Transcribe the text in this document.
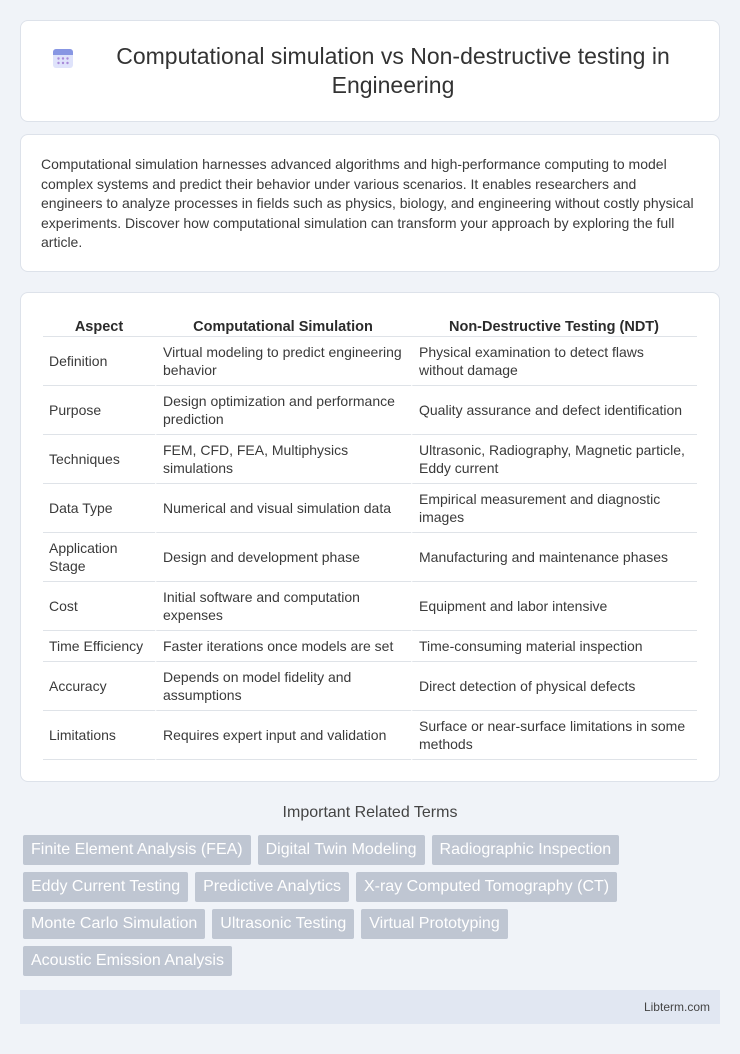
Computational simulation vs Non-destructive testing in Engineering

Computational simulation harnesses advanced algorithms and high-performance computing to model complex systems and predict their behavior under various scenarios. It enables researchers and engineers to analyze processes in fields such as physics, biology, and engineering without costly physical experiments. Discover how computational simulation can transform your approach by exploring the full article.

Aspect	Computational Simulation	Non-Destructive Testing (NDT)
Definition	Virtual modeling to predict engineering behavior	Physical examination to detect flaws without damage
Purpose	Design optimization and performance prediction	Quality assurance and defect identification
Techniques	FEM, CFD, FEA, Multiphysics simulations	Ultrasonic, Radiography, Magnetic particle, Eddy current
Data Type	Numerical and visual simulation data	Empirical measurement and diagnostic images
Application Stage	Design and development phase	Manufacturing and maintenance phases
Cost	Initial software and computation expenses	Equipment and labor intensive
Time Efficiency	Faster iterations once models are set	Time-consuming material inspection
Accuracy	Depends on model fidelity and assumptions	Direct detection of physical defects
Limitations	Requires expert input and validation	Surface or near-surface limitations in some methods
Important Related Terms
Finite Element Analysis (FEA)	Digital Twin Modeling	Radiographic Inspection
Eddy Current Testing	Predictive Analytics	X-ray Computed Tomography (CT)
Monte Carlo Simulation	Ultrasonic Testing	Virtual Prototyping
Acoustic Emission Analysis
Libterm.com
